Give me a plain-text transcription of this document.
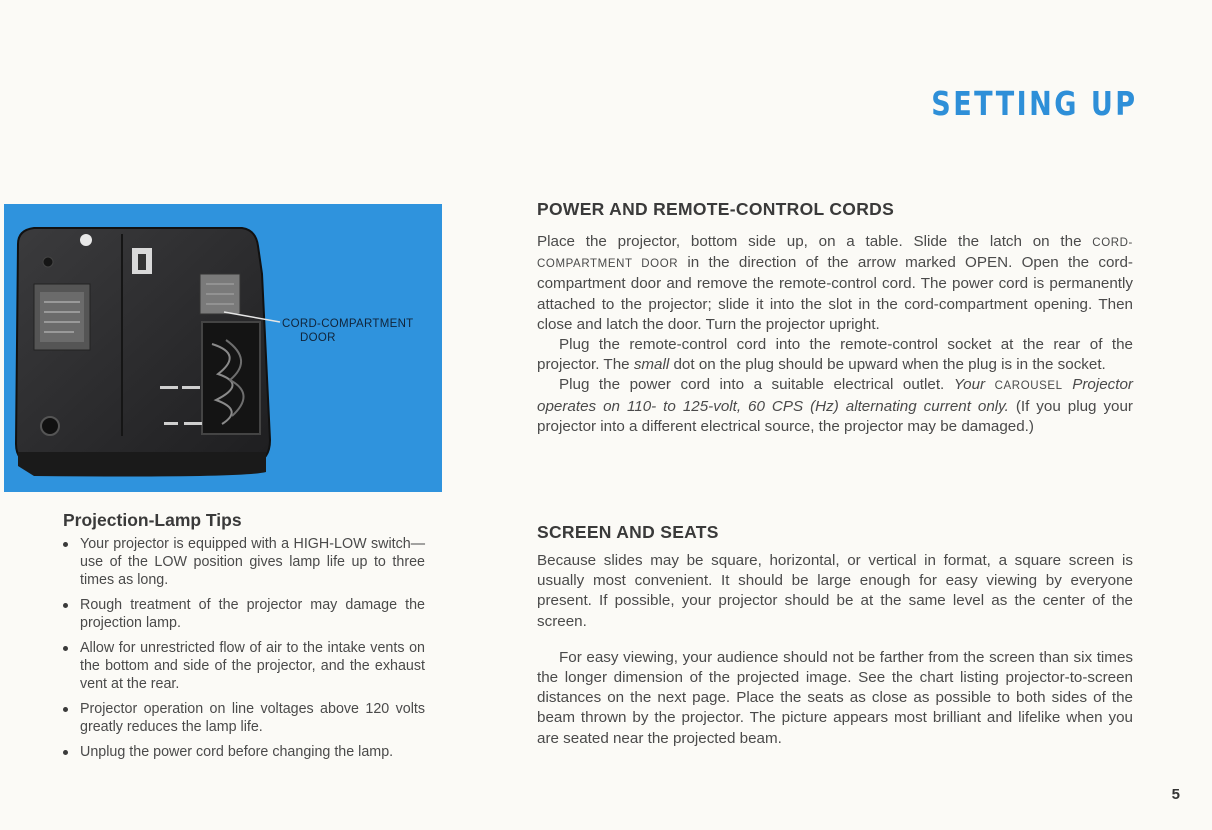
SETTING UP
CORD-COMPARTMENT
DOOR
Projection-Lamp Tips
Your projector is equipped with a HIGH-LOW switch—use of the LOW position gives lamp life up to three times as long.
Rough treatment of the projector may damage the projection lamp.
Allow for unrestricted flow of air to the intake vents on the bottom and side of the projector, and the exhaust vent at the rear.
Projector operation on line voltages above 120 volts greatly reduces the lamp life.
Unplug the power cord before changing the lamp.
POWER AND REMOTE-CONTROL CORDS

Place the projector, bottom side up, on a table. Slide the latch on the CORD-COMPARTMENT DOOR in the direction of the arrow marked OPEN. Open the cord-compartment door and remove the remote-control cord. The power cord is permanently attached to the projector; slide it into the slot in the cord-compartment opening. Then close and latch the door. Turn the projector upright.

Plug the remote-control cord into the remote-control socket at the rear of the projector. The small dot on the plug should be upward when the plug is in the socket.

Plug the power cord into a suitable electrical outlet. Your CAROUSEL Projector operates on 110- to 125-volt, 60 CPS (Hz) alternating current only. (If you plug your projector into a different electrical source, the projector may be damaged.)

SCREEN AND SEATS

Because slides may be square, horizontal, or vertical in format, a square screen is usually most convenient. It should be large enough for easy viewing by everyone present. If possible, your projector should be at the same level as the center of the screen.

For easy viewing, your audience should not be farther from the screen than six times the longer dimension of the projected image. See the chart listing projector-to-screen distances on the next page. Place the seats as close as possible to both sides of the beam thrown by the projector. The picture appears most brilliant and lifelike when you are seated near the projected beam.

5
